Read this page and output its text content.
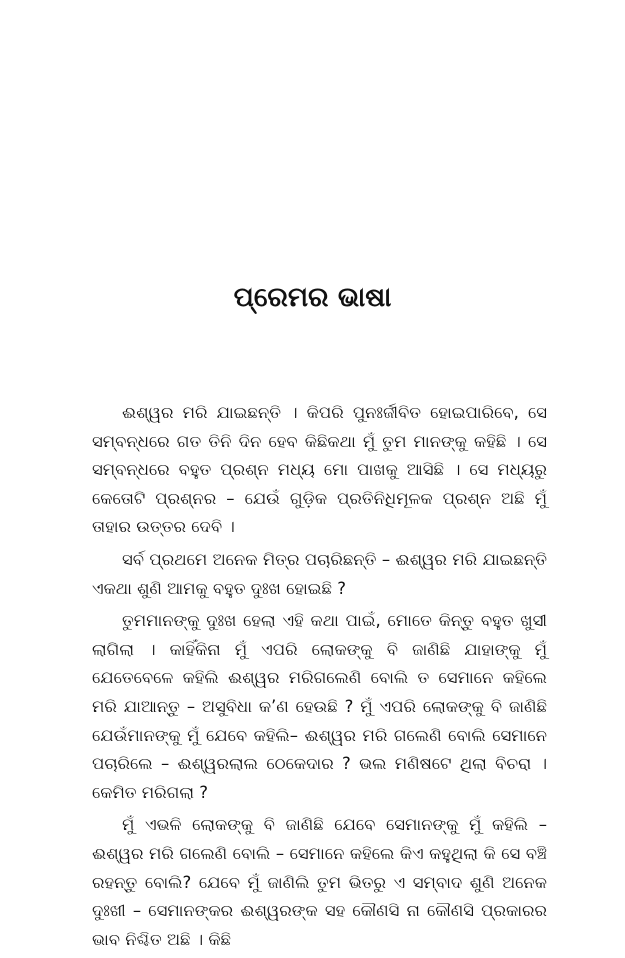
ପ୍ରେମର ଭାଷା

ଈଶ୍ୱର ମରି ଯାଇଛନ୍ତି । କିପରି ପୁନଃର୍ଜୀବିତ ହୋଇପାରିବେ, ସେ ସମ୍ବନ୍ଧରେ ଗତ ତିନି ଦିନ ହେବ କିଛିକଥା ମୁଁ ତୁମ ମାନଙ୍କୁ କହିଛି । ସେ ସମ୍ବନ୍ଧରେ ବହୁତ ପ୍ରଶ୍ନ ମଧ୍ୟ ମୋ ପାଖକୁ ଆସିଛି । ସେ ମଧ୍ୟରୁ କେତୋଟି ପ୍ରଶ୍ନର – ଯେଉଁ ଗୁଡ଼ିକ ପ୍ରତିନିଧିମୂଳକ ପ୍ରଶ୍ନ ଅଛି ମୁଁ ତାହାର ଉତ୍ତର ଦେବି ।

ସର୍ବ ପ୍ରଥମେ ଅନେକ ମିତ୍ର ପଚାରିଛନ୍ତି – ଈଶ୍ୱର ମରି ଯାଇଛନ୍ତି ଏକଥା ଶୁଣି ଆମକୁ ବହୁତ ଦୁଃଖ ହୋଇଛି ?

ତୁମମାନଙ୍କୁ ଦୁଃଖ ହେଲା ଏହି କଥା ପାଇଁ, ମୋତେ କିନ୍ତୁ ବହୁତ ଖୁସୀ ଲାଗିଲା । କାହିଁକିନା ମୁଁ ଏପରି ଲୋକଙ୍କୁ ବି ଜାଣିଛି ଯାହାଙ୍କୁ ମୁଁ ଯେତେବେଳେ କହିଲି ଈଶ୍ୱର ମରିଗଲେଣି ବୋଲି ତ ସେମାନେ କହିଲେ ମରି ଯାଆନ୍ତୁ – ଅସୁବିଧା କ’ଣ ହେଉଛି ? ମୁଁ ଏପରି ଲୋକଙ୍କୁ ବି ଜାଣିଛି ଯେଉଁମାନଙ୍କୁ ମୁଁ ଯେବେ କହିଲି– ଈଶ୍ୱର ମରି ଗଲେଣି ବୋଲି ସେମାନେ ପଚାରିଲେ – ଈଶ୍ୱରଲାଲ ଠେକେଦାର ? ଭଲ ମଣିଷଟେ ଥିଲା ବିଚରା । କେମିତ ମରିଗଲା ?

ମୁଁ ଏଭଳି ଲୋକଙ୍କୁ ବି ଜାଣିଛି ଯେବେ ସେମାନଙ୍କୁ ମୁଁ କହିଲି – ଈଶ୍ୱର ମରି ଗଲେଣି ବୋଲି – ସେମାନେ କହିଲେ କିଏ କହୁଥିଲା କି ସେ ବଞ୍ଚି ରହନ୍ତୁ ବୋଲି? ଯେବେ ମୁଁ ଜାଣିଲି ତୁମ ଭିତରୁ ଏ ସମ୍ବାଦ ଶୁଣି ଅନେକ ଦୁଃଖୀ – ସେମାନଙ୍କର ଈଶ୍ୱରଙ୍କ ସହ କୌଣସି ନା କୌଣସି ପ୍ରକାରର ଭାବ ନିଶ୍ଚିତ ଅଛି । କିଛି
